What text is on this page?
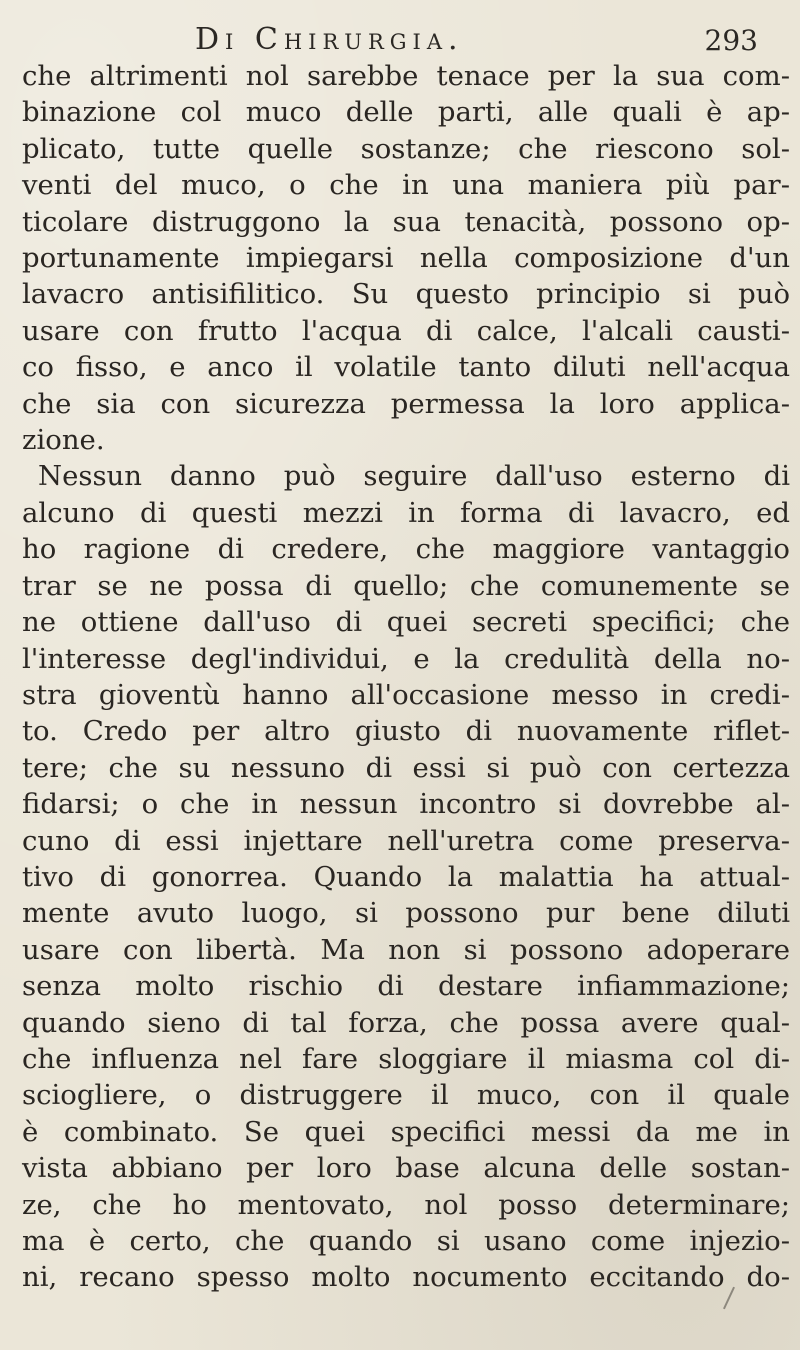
Di Chirurgia.	293
che altrimenti nol sarebbe tenace per la sua com-
binazione col muco delle parti, alle quali è ap-
plicato, tutte quelle sostanze; che riescono sol-
venti del muco, o che in una maniera più par-
ticolare distruggono la sua tenacità, possono op-
portunamente impiegarsi nella composizione d'un
lavacro antisifilitico. Su questo principio si può
usare con frutto l'acqua di calce, l'alcali causti-
co fisso, e anco il volatile tanto diluti nell'acqua
che sia con sicurezza permessa la loro applica-
zione.
Nessun danno può seguire dall'uso esterno di
alcuno di questi mezzi in forma di lavacro, ed
ho ragione di credere, che maggiore vantaggio
trar se ne possa di quello; che comunemente se
ne ottiene dall'uso di quei secreti specifici; che
l'interesse degl'individui, e la credulità della no-
stra gioventù hanno all'occasione messo in credi-
to. Credo per altro giusto di nuovamente riflet-
tere; che su nessuno di essi si può con certezza
fidarsi; o che in nessun incontro si dovrebbe al-
cuno di essi injettare nell'uretra come preserva-
tivo di gonorrea. Quando la malattia ha attual-
mente avuto luogo, si possono pur bene diluti
usare con libertà. Ma non si possono adoperare
senza molto rischio di destare infiammazione;
quando sieno di tal forza, che possa avere qual-
che influenza nel fare sloggiare il miasma col di-
sciogliere, o distruggere il muco, con il quale
è combinato. Se quei specifici messi da me in
vista abbiano per loro base alcuna delle sostan-
ze, che ho mentovato, nol posso determinare;
ma è certo, che quando si usano come injezio-
ni, recano spesso molto nocumento eccitando do-
